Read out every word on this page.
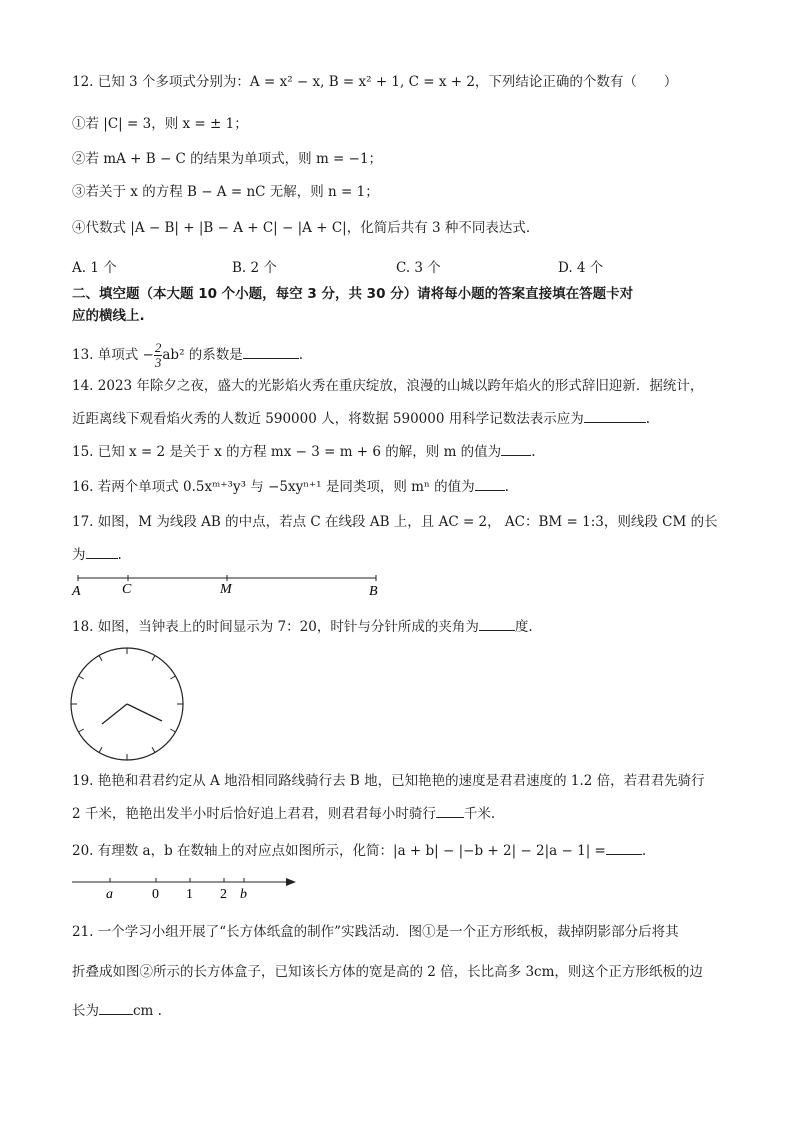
12. 已知 3 个多项式分别为：A = x² − x, B = x² + 1, C = x + 2，下列结论正确的个数有（　　）
①若 |C| = 3，则 x = ± 1；
②若 mA + B − C 的结果为单项式，则 m = −1；
③若关于 x 的方程 B − A = nC 无解，则 n = 1；
④代数式 |A − B| + |B − A + C| − |A + C|，化简后共有 3 种不同表达式．
A. 1 个	B. 2 个	C. 3 个	D. 4 个
二、填空题（本大题 10 个小题，每空 3 分，共 30 分）请将每小题的答案直接填在答题卡对
应的横线上.
13. 单项式 − $\frac{2}{3} ab^2$ 的系数是	.
14. 2023 年除夕之夜，盛大的光影焰火秀在重庆绽放，浪漫的山城以跨年焰火的形式辞旧迎新．据统计，
近距离线下观看焰火秀的人数近 590000 人，将数据 590000 用科学记数法表示应为	.
15. 已知 x = 2 是关于 x 的方程 mx − 3 = m + 6 的解，则 m 的值为 .
16. 若两个单项式 0.5xᵐ⁺³y³ 与 −5xyⁿ⁺¹ 是同类项，则 mⁿ 的值为 .
17. 如图，M 为线段 AB 的中点，若点 C 在线段 AB 上，且 AC = 2， AC：BM = 1:3，则线段 CM 的长
为 .
A	C	M	B
18. 如图，当钟表上的时间显示为 7：20，时针与分针所成的夹角为	度.
19. 艳艳和君君约定从 A 地沿相同路线骑行去 B 地，已知艳艳的速度是君君速度的 1.2 倍，若君君先骑行
2 千米，艳艳出发半小时后恰好追上君君，则君君每小时骑行 千米.
20. 有理数 a，b 在数轴上的对应点如图所示，化简：|a + b| − |−b + 2| − 2|a − 1| =	.
a	0 1 2 b
21. 一个学习小组开展了“长方体纸盒的制作”实践活动．图①是一个正方形纸板，裁掉阴影部分后将其
折叠成如图②所示的长方体盒子，已知该长方体的宽是高的 2 倍，长比高多 3cm，则这个正方形纸板的边
长为	cm .
